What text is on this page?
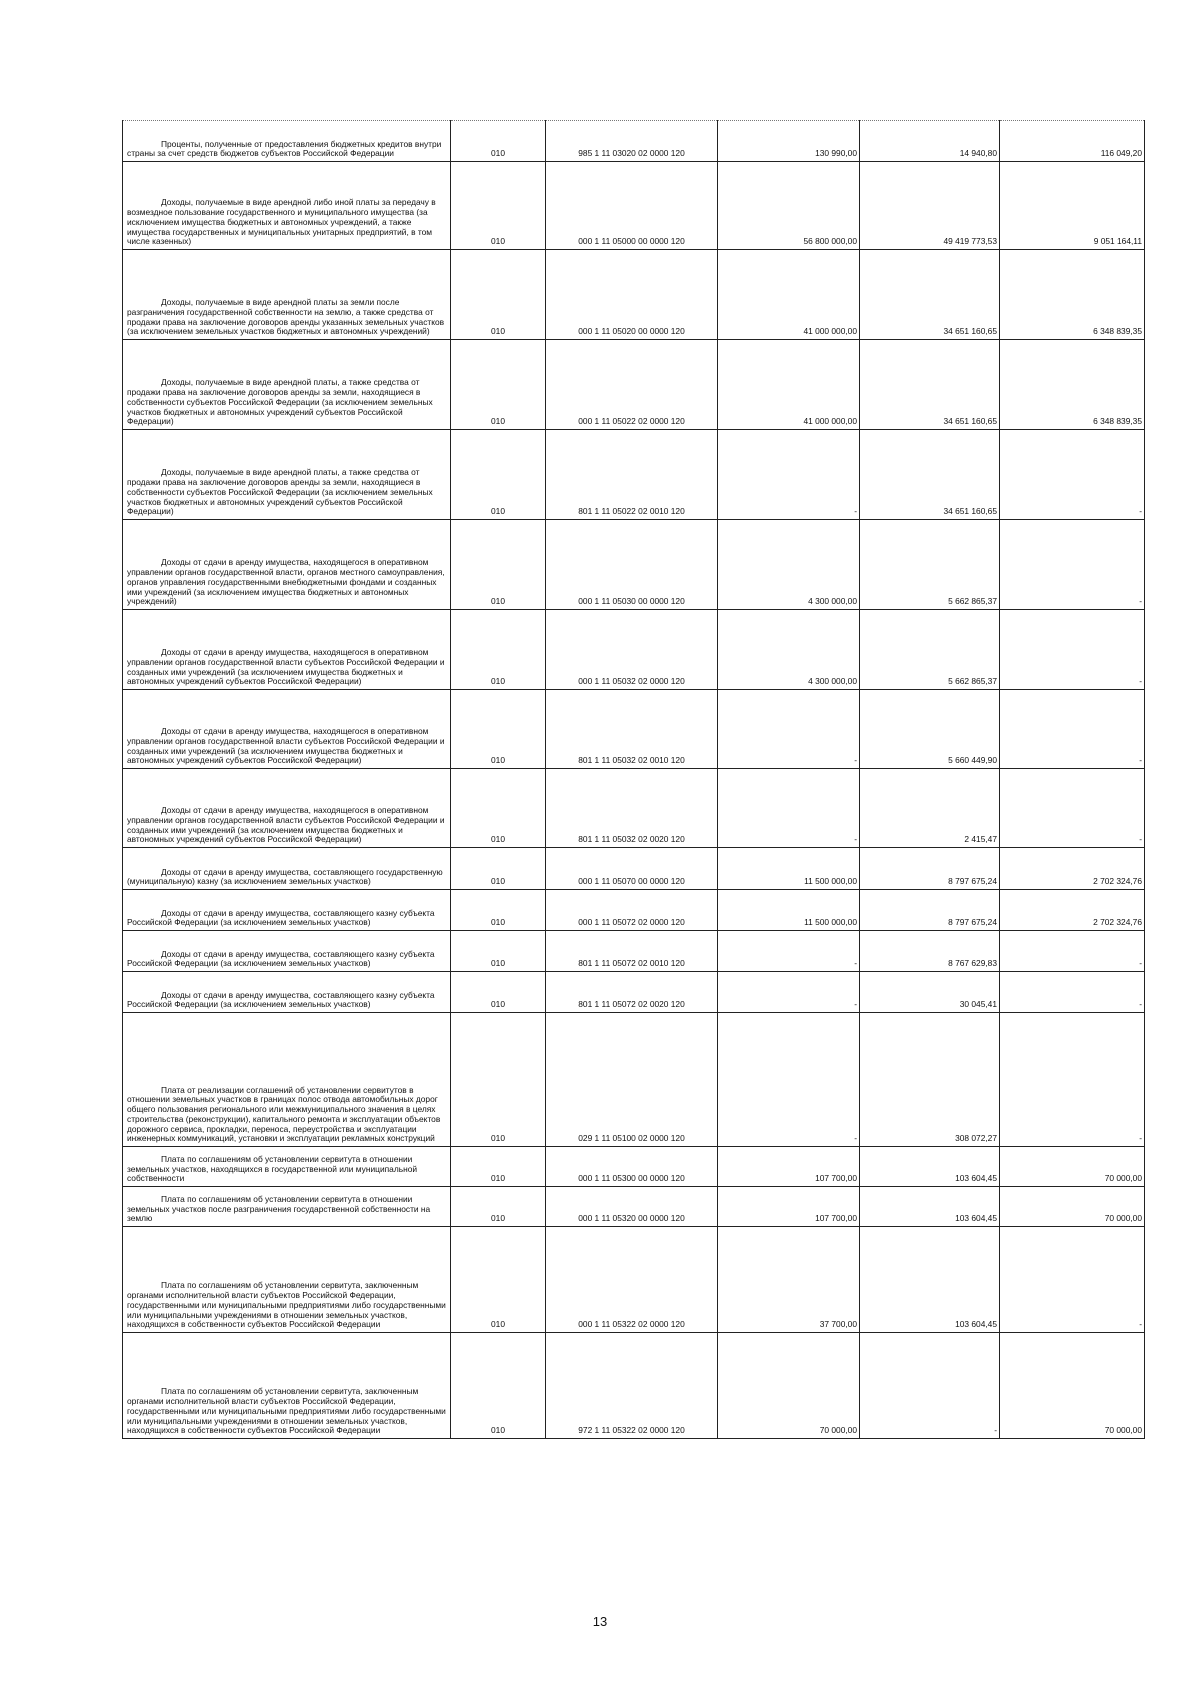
Проценты, полученные от предоставления бюджетных кредитов внутри страны за счет средств бюджетов субъектов Российской Федерации	010	985 1 11 03020 02 0000 120	130 990,00	14 940,80	116 049,20

Доходы, получаемые в виде арендной либо иной платы за передачу в возмездное пользование государственного и муниципального имущества (за исключением имущества бюджетных и автономных учреждений, а также имущества государственных и муниципальных унитарных предприятий, в том числе казенных)	010	000 1 11 05000 00 0000 120	56 800 000,00	49 419 773,53	9 051 164,11

Доходы, получаемые в виде арендной платы за земли после разграничения государственной собственности на землю, а также средства от продажи права на заключение договоров аренды указанных земельных участков (за исключением земельных участков бюджетных и автономных учреждений)	010	000 1 11 05020 00 0000 120	41 000 000,00	34 651 160,65	6 348 839,35

Доходы, получаемые в виде арендной платы, а также средства от продажи права на заключение договоров аренды за земли, находящиеся в собственности субъектов Российской Федерации (за исключением земельных участков бюджетных и автономных учреждений субъектов Российской Федерации)	010	000 1 11 05022 02 0000 120	41 000 000,00	34 651 160,65	6 348 839,35

Доходы, получаемые в виде арендной платы, а также средства от продажи права на заключение договоров аренды за земли, находящиеся в собственности субъектов Российской Федерации (за исключением земельных участков бюджетных и автономных учреждений субъектов Российской Федерации)	010	801 1 11 05022 02 0010 120	-	34 651 160,65	-

Доходы от сдачи в аренду имущества, находящегося в оперативном управлении органов государственной власти, органов местного самоуправления, органов управления государственными внебюджетными фондами и созданных ими учреждений (за исключением имущества бюджетных и автономных учреждений)	010	000 1 11 05030 00 0000 120	4 300 000,00	5 662 865,37	-

Доходы от сдачи в аренду имущества, находящегося в оперативном управлении органов государственной власти субъектов Российской Федерации и созданных ими учреждений (за исключением имущества бюджетных и автономных учреждений субъектов Российской Федерации)	010	000 1 11 05032 02 0000 120	4 300 000,00	5 662 865,37	-

Доходы от сдачи в аренду имущества, находящегося в оперативном управлении органов государственной власти субъектов Российской Федерации и созданных ими учреждений (за исключением имущества бюджетных и автономных учреждений субъектов Российской Федерации)	010	801 1 11 05032 02 0010 120	-	5 660 449,90	-

Доходы от сдачи в аренду имущества, находящегося в оперативном управлении органов государственной власти субъектов Российской Федерации и созданных ими учреждений (за исключением имущества бюджетных и автономных учреждений субъектов Российской Федерации)	010	801 1 11 05032 02 0020 120	-	2 415,47	-

Доходы от сдачи в аренду имущества, составляющего государственную (муниципальную) казну (за исключением земельных участков)	010	000 1 11 05070 00 0000 120	11 500 000,00	8 797 675,24	2 702 324,76

Доходы от сдачи в аренду имущества, составляющего казну субъекта Российской Федерации (за исключением земельных участков)	010	000 1 11 05072 02 0000 120	11 500 000,00	8 797 675,24	2 702 324,76

Доходы от сдачи в аренду имущества, составляющего казну субъекта Российской Федерации (за исключением земельных участков)	010	801 1 11 05072 02 0010 120	-	8 767 629,83	-

Доходы от сдачи в аренду имущества, составляющего казну субъекта Российской Федерации (за исключением земельных участков)	010	801 1 11 05072 02 0020 120	-	30 045,41	-

Плата от реализации соглашений об установлении сервитутов в отношении земельных участков в границах полос отвода автомобильных дорог общего пользования регионального или межмуниципального значения в целях строительства (реконструкции), капитального ремонта и эксплуатации объектов дорожного сервиса, прокладки, переноса, переустройства и эксплуатации инженерных коммуникаций, установки и эксплуатации рекламных конструкций	010	029 1 11 05100 02 0000 120	-	308 072,27	-

Плата по соглашениям об установлении сервитута в отношении земельных участков, находящихся в государственной или муниципальной собственности	010	000 1 11 05300 00 0000 120	107 700,00	103 604,45	70 000,00

Плата по соглашениям об установлении сервитута в отношении земельных участков после разграничения государственной собственности на землю	010	000 1 11 05320 00 0000 120	107 700,00	103 604,45	70 000,00

Плата по соглашениям об установлении сервитута, заключенным органами исполнительной власти субъектов Российской Федерации, государственными или муниципальными предприятиями либо государственными или муниципальными учреждениями в отношении земельных участков, находящихся в собственности субъектов Российской Федерации	010	000 1 11 05322 02 0000 120	37 700,00	103 604,45	-

Плата по соглашениям об установлении сервитута, заключенным органами исполнительной власти субъектов Российской Федерации, государственными или муниципальными предприятиями либо государственными или муниципальными учреждениями в отношении земельных участков, находящихся в собственности субъектов Российской Федерации	010	972 1 11 05322 02 0000 120	70 000,00	-	70 000,00
13
